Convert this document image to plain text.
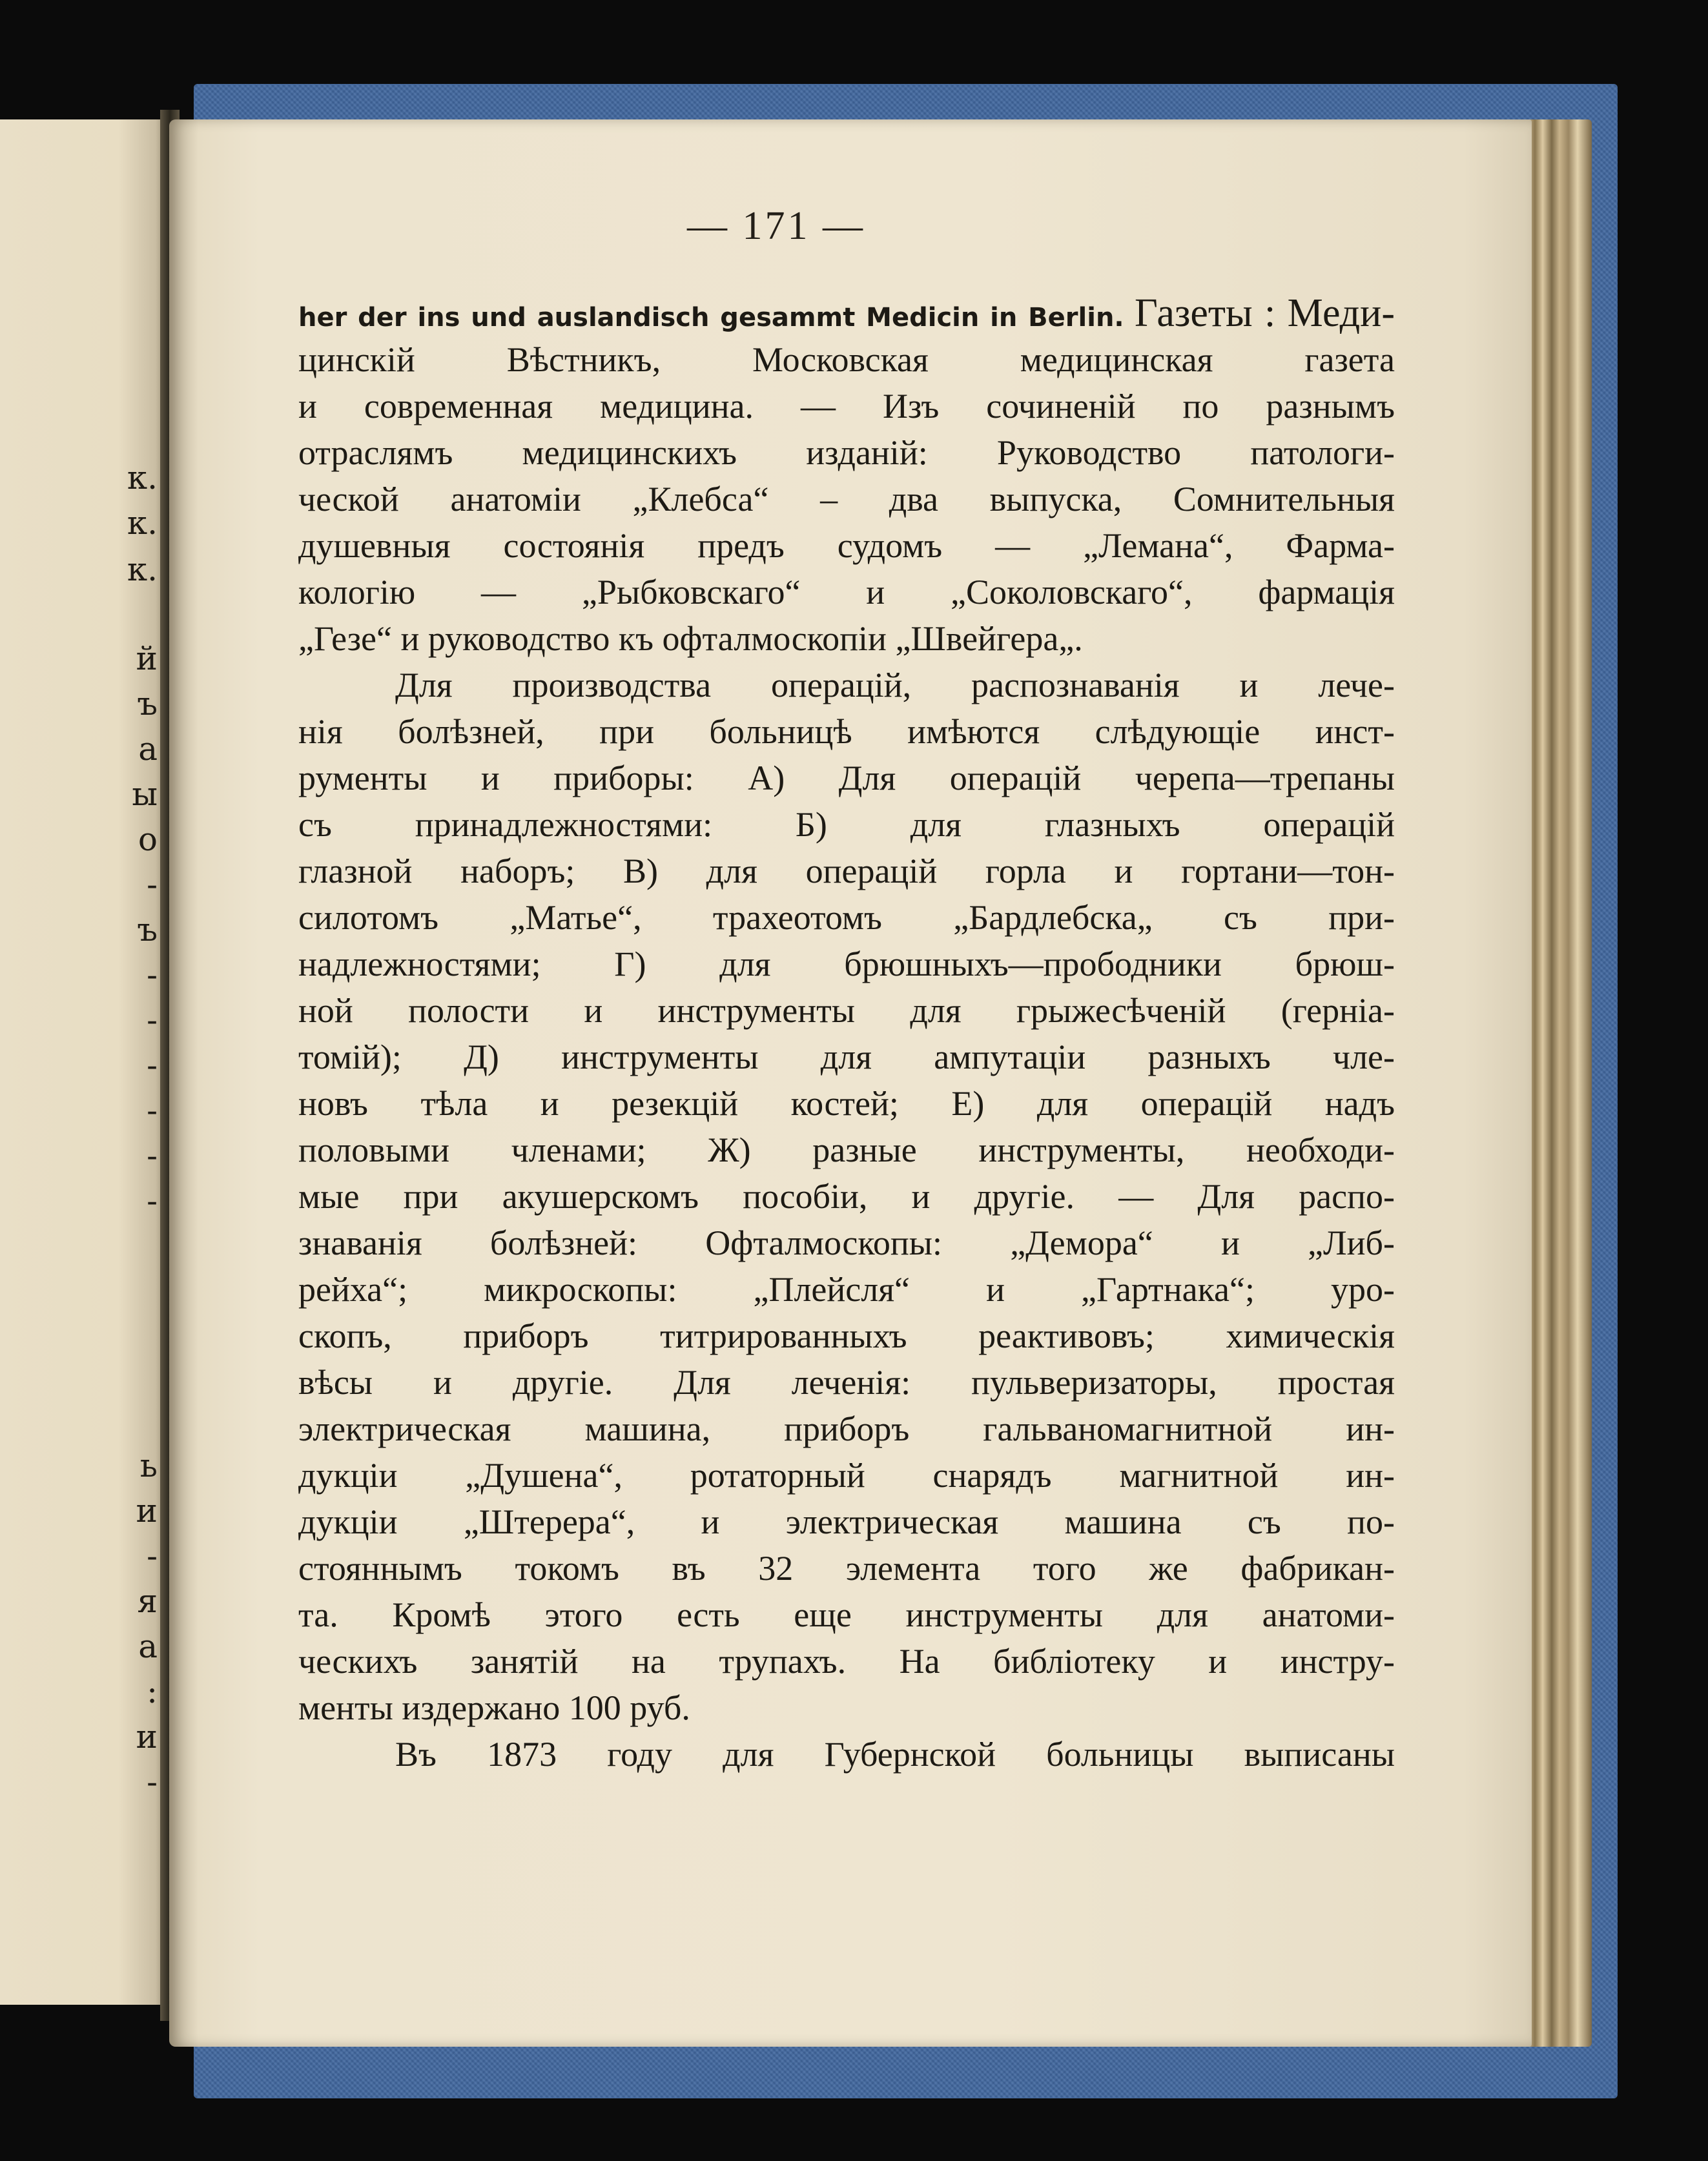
к.
к.
к.
й
ъ
а
ы
о
-
ъ
-
-
-
-
-
-
ь
и
-
я
а
:
и
-
— 171 —
her der ins und auslandisch gesammt Medicin in Berlin. Газеты : Меди-
цинскій Вѣстникъ, Московская медицинская газета
и современная медицина. — Изъ сочиненій по разнымъ
отраслямъ медицинскихъ изданій: Руководство патологи-
ческой анатоміи „Клебса“ – два выпуска, Сомнительныя
душевныя состоянія предъ судомъ — „Лемана“, Фарма-
кологію — „Рыбковскаго“ и „Соколовскаго“, фармація
„Гезе“ и руководство къ офталмоскопіи „Швейгера„.
Для производства операцій, распознаванія и лече-
нія болѣзней, при больницѣ имѣются слѣдующіе инст-
рументы и приборы: А) Для операцій черепа—трепаны
съ принадлежностями: Б) для глазныхъ операцій
глазной наборъ; В) для операцій горла и гортани—тон-
силотомъ „Матье“, трахеотомъ „Бардлебска„ съ при-
надлежностями; Г) для брюшныхъ—прободники брюш-
ной полости и инструменты для грыжесѣченій (герніа-
томій); Д) инструменты для ампутаціи разныхъ чле-
новъ тѣла и резекцій костей; Е) для операцій надъ
половыми членами; Ж) разные инструменты, необходи-
мые при акушерскомъ пособіи, и другіе. — Для распо-
знаванія болѣзней: Офталмоскопы: „Демора“ и „Либ-
рейха“; микроскопы: „Плейсля“ и „Гартнака“; уро-
скопъ, приборъ титрированныхъ реактивовъ; химическія
вѣсы и другіе. Для леченія: пульверизаторы, простая
электрическая машина, приборъ гальваномагнитной ин-
дукціи „Душена“, ротаторный снарядъ магнитной ин-
дукціи „Штерера“, и электрическая машина съ по-
стояннымъ токомъ въ 32 элемента того же фабрикан-
та. Кромѣ этого есть еще инструменты для анатоми-
ческихъ занятій на трупахъ. На библіотеку и инстру-
менты издержано 100 руб.
Въ 1873 году для Губернской больницы выписаны
